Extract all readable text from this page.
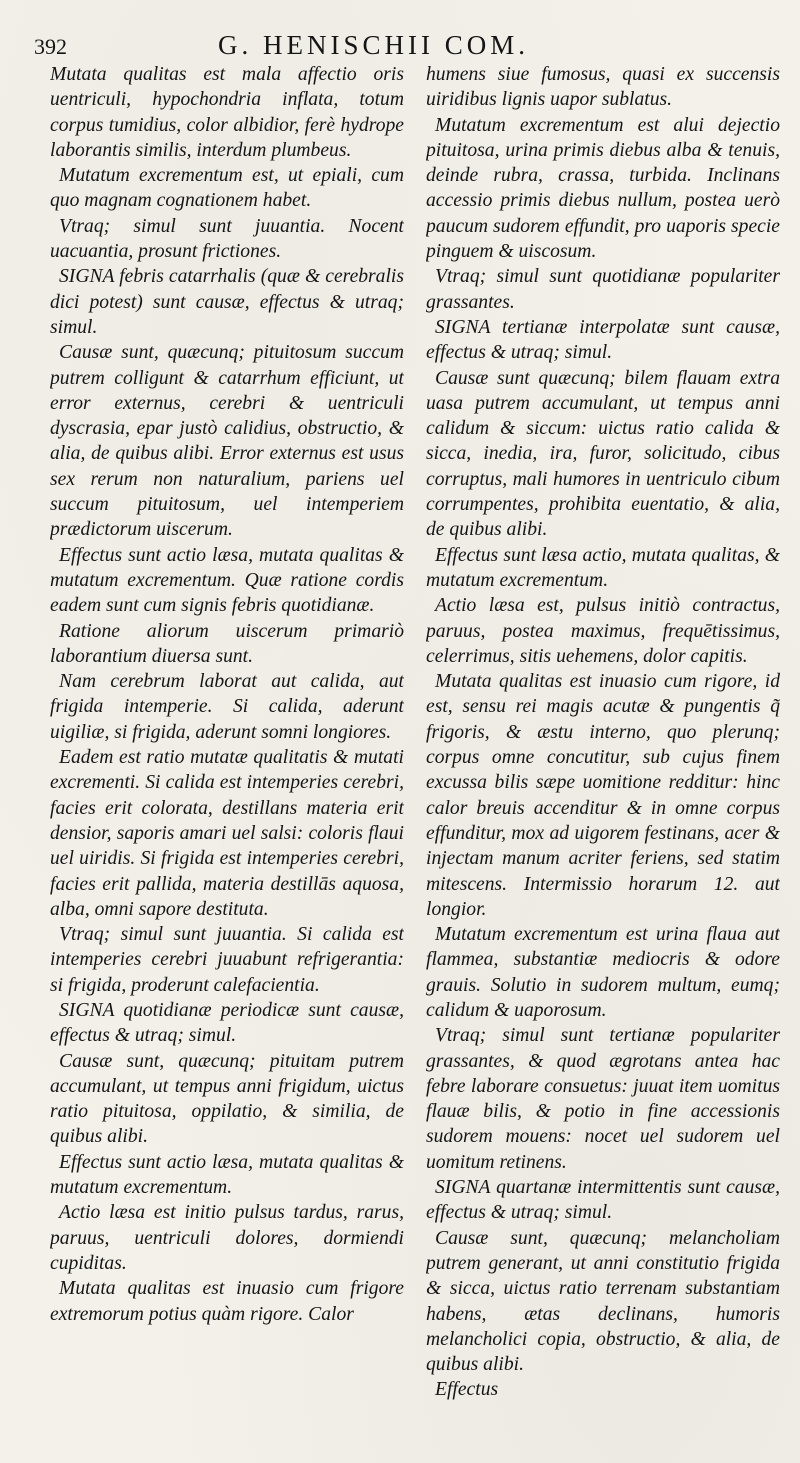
392	G. HENISCHII COM.

Mutata qualitas est mala affectio oris uentriculi, hypochondria inflata, totum corpus tumidius, color albidior, ferè hydrope laborantis similis, interdum plumbeus.

Mutatum excrementum est, ut epiali, cum quo magnam cognationem habet.

Vtraq; simul sunt juuantia. Nocent uacuantia, prosunt frictiones.

SIGNA febris catarrhalis (quæ & cerebralis dici potest) sunt causæ, effectus & utraq; simul.

Causæ sunt, quæcunq; pituitosum succum putrem colligunt & catarrhum efficiunt, ut error externus, cerebri & uentriculi dyscrasia, epar justò calidius, obstructio, & alia, de quibus alibi. Error externus est usus sex rerum non naturalium, pariens uel succum pituitosum, uel intemperiem prædictorum uiscerum.

Effectus sunt actio læsa, mutata qualitas & mutatum excrementum. Quæ ratione cordis eadem sunt cum signis febris quotidianæ.

Ratione aliorum uiscerum primariò laborantium diuersa sunt.

Nam cerebrum laborat aut calida, aut frigida intemperie. Si calida, aderunt uigiliæ, si frigida, aderunt somni longiores.

Eadem est ratio mutatæ qualitatis & mutati excrementi. Si calida est intemperies cerebri, facies erit colorata, destillans materia erit densior, saporis amari uel salsi: coloris flaui uel uiridis. Si frigida est intemperies cerebri, facies erit pallida, materia destillās aquosa, alba, omni sapore destituta.

Vtraq; simul sunt juuantia. Si calida est intemperies cerebri juuabunt refrigerantia: si frigida, proderunt calefacientia.

SIGNA quotidianæ periodicæ sunt causæ, effectus & utraq; simul.

Causæ sunt, quæcunq; pituitam putrem accumulant, ut tempus anni frigidum, uictus ratio pituitosa, oppilatio, & similia, de quibus alibi.

Effectus sunt actio læsa, mutata qualitas & mutatum excrementum.

Actio læsa est initio pulsus tardus, rarus, paruus, uentriculi dolores, dormiendi cupiditas.

Mutata qualitas est inuasio cum frigore extremorum potius quàm rigore. Calor

humens siue fumosus, quasi ex succensis uiridibus lignis uapor sublatus.

Mutatum excrementum est alui dejectio pituitosa, urina primis diebus alba & tenuis, deinde rubra, crassa, turbida. Inclinans accessio primis diebus nullum, postea uerò paucum sudorem effundit, pro uaporis specie pinguem & uiscosum.

Vtraq; simul sunt quotidianæ populariter grassantes.

SIGNA tertianæ interpolatæ sunt causæ, effectus & utraq; simul.

Causæ sunt quæcunq; bilem flauam extra uasa putrem accumulant, ut tempus anni calidum & siccum: uictus ratio calida & sicca, inedia, ira, furor, solicitudo, cibus corruptus, mali humores in uentriculo cibum corrumpentes, prohibita euentatio, & alia, de quibus alibi.

Effectus sunt læsa actio, mutata qualitas, & mutatum excrementum.

Actio læsa est, pulsus initiò contractus, paruus, postea maximus, frequētissimus, celerrimus, sitis uehemens, dolor capitis.

Mutata qualitas est inuasio cum rigore, id est, sensu rei magis acutæ & pungentis q̃ frigoris, & æstu interno, quo plerunq; corpus omne concutitur, sub cujus finem excussa bilis sæpe uomitione redditur: hinc calor breuis accenditur & in omne corpus effunditur, mox ad uigorem festinans, acer & injectam manum acriter feriens, sed statim mitescens. Intermissio horarum 12. aut longior.

Mutatum excrementum est urina flaua aut flammea, substantiæ mediocris & odore grauis. Solutio in sudorem multum, eumq; calidum & uaporosum.

Vtraq; simul sunt tertianæ populariter grassantes, & quod ægrotans antea hac febre laborare consuetus: juuat item uomitus flauæ bilis, & potio in fine accessionis sudorem mouens: nocet uel sudorem uel uomitum retinens.

SIGNA quartanæ intermittentis sunt causæ, effectus & utraq; simul.

Causæ sunt, quæcunq; melancholiam putrem generant, ut anni constitutio frigida & sicca, uictus ratio terrenam substantiam habens, ætas declinans, humoris melancholici copia, obstructio, & alia, de quibus alibi.

Effectus
